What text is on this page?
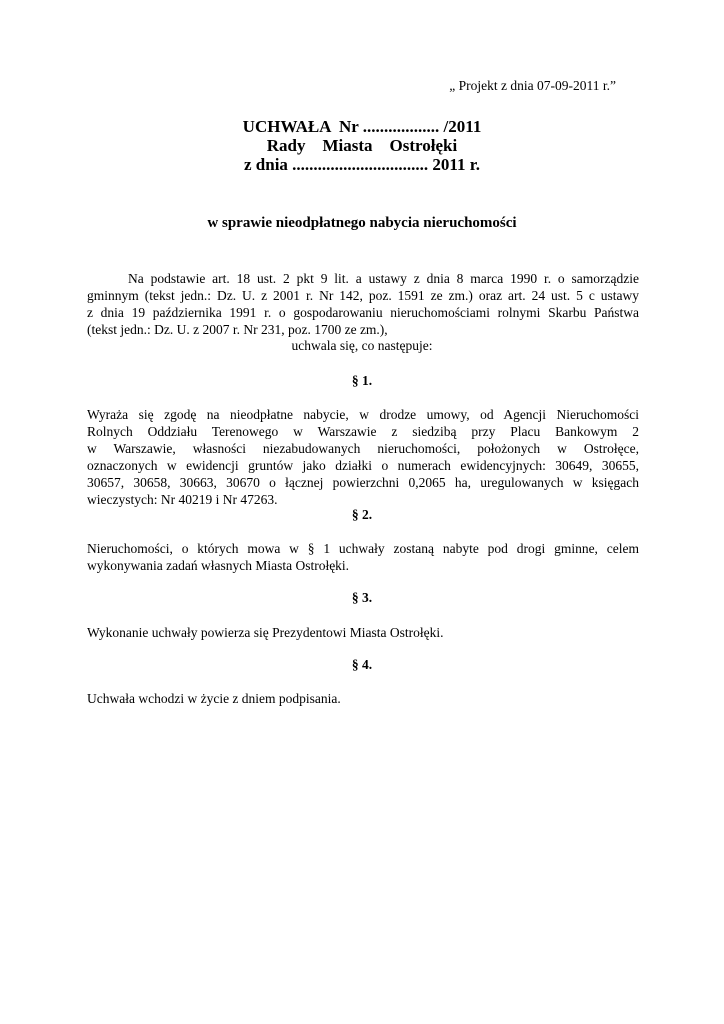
„ Projekt z dnia 07-09-2011 r.”
UCHWAŁA  Nr .................. /2011
Rady    Miasta    Ostrołęki
z dnia ................................ 2011 r.
w sprawie nieodpłatnego nabycia nieruchomości
Na podstawie art. 18 ust. 2 pkt 9 lit. a ustawy z dnia 8 marca 1990 r. o samorządzie
gminnym (tekst jedn.: Dz. U. z 2001 r. Nr 142, poz. 1591 ze zm.) oraz art. 24 ust. 5 c ustawy
z dnia 19 października 1991 r. o gospodarowaniu nieruchomościami rolnymi Skarbu Państwa
(tekst jedn.: Dz. U. z 2007 r. Nr 231, poz. 1700 ze zm.),
uchwala się, co następuje:
§ 1.
Wyraża się zgodę na nieodpłatne nabycie, w drodze umowy, od Agencji Nieruchomości
Rolnych Oddziału Terenowego w Warszawie z siedzibą przy Placu Bankowym 2
w Warszawie, własności niezabudowanych nieruchomości, położonych w Ostrołęce,
oznaczonych w ewidencji gruntów jako działki o numerach ewidencyjnych: 30649, 30655,
30657, 30658, 30663, 30670 o łącznej powierzchni 0,2065 ha, uregulowanych w księgach
wieczystych: Nr 40219 i Nr 47263.
§ 2.
Nieruchomości, o których mowa w § 1 uchwały zostaną nabyte pod drogi gminne, celem
wykonywania zadań własnych Miasta Ostrołęki.
§ 3.
Wykonanie uchwały powierza się Prezydentowi Miasta Ostrołęki.
§ 4.
Uchwała wchodzi w życie z dniem podpisania.
